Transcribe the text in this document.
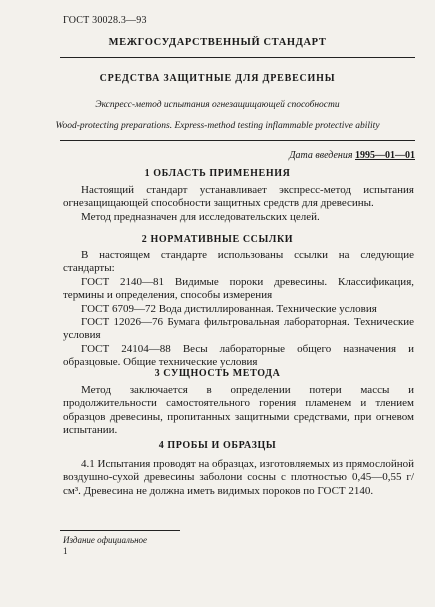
ГОСТ 30028.3—93
МЕЖГОСУДАРСТВЕННЫЙ СТАНДАРТ
СРЕДСТВА ЗАЩИТНЫЕ ДЛЯ ДРЕВЕСИНЫ
Экспресс-метод испытания огнезащищающей способности
Wood-protecting preparations. Express-method testing inflammable protective ability
Дата введения 1995—01—01
1 ОБЛАСТЬ ПРИМЕНЕНИЯ

Настоящий стандарт устанавливает экспресс-метод испытания огнезащищающей способности защитных средств для древесины.

Метод предназначен для исследовательских целей.

2 НОРМАТИВНЫЕ ССЫЛКИ

В настоящем стандарте использованы ссылки на следующие стандарты:

ГОСТ 2140—81 Видимые пороки древесины. Классификация, термины и определения, способы измерения

ГОСТ 6709—72 Вода дистиллированная. Технические условия

ГОСТ 12026—76 Бумага фильтровальная лабораторная. Технические условия

ГОСТ 24104—88 Весы лабораторные общего назначения и образцовые. Общие технические условия

3 СУЩНОСТЬ МЕТОДА

Метод заключается в определении потери массы и продолжительности самостоятельного горения пламенем и тлением образцов древесины, пропитанных защитными средствами, при огневом испытании.

4 ПРОБЫ И ОБРАЗЦЫ

4.1 Испытания проводят на образцах, изготовляемых из прямослойной воздушно-сухой древесины заболони сосны с плотностью 0,45—0,55 г/см³. Древесина не должна иметь видимых пороков по ГОСТ 2140.

Издание официальное
1
